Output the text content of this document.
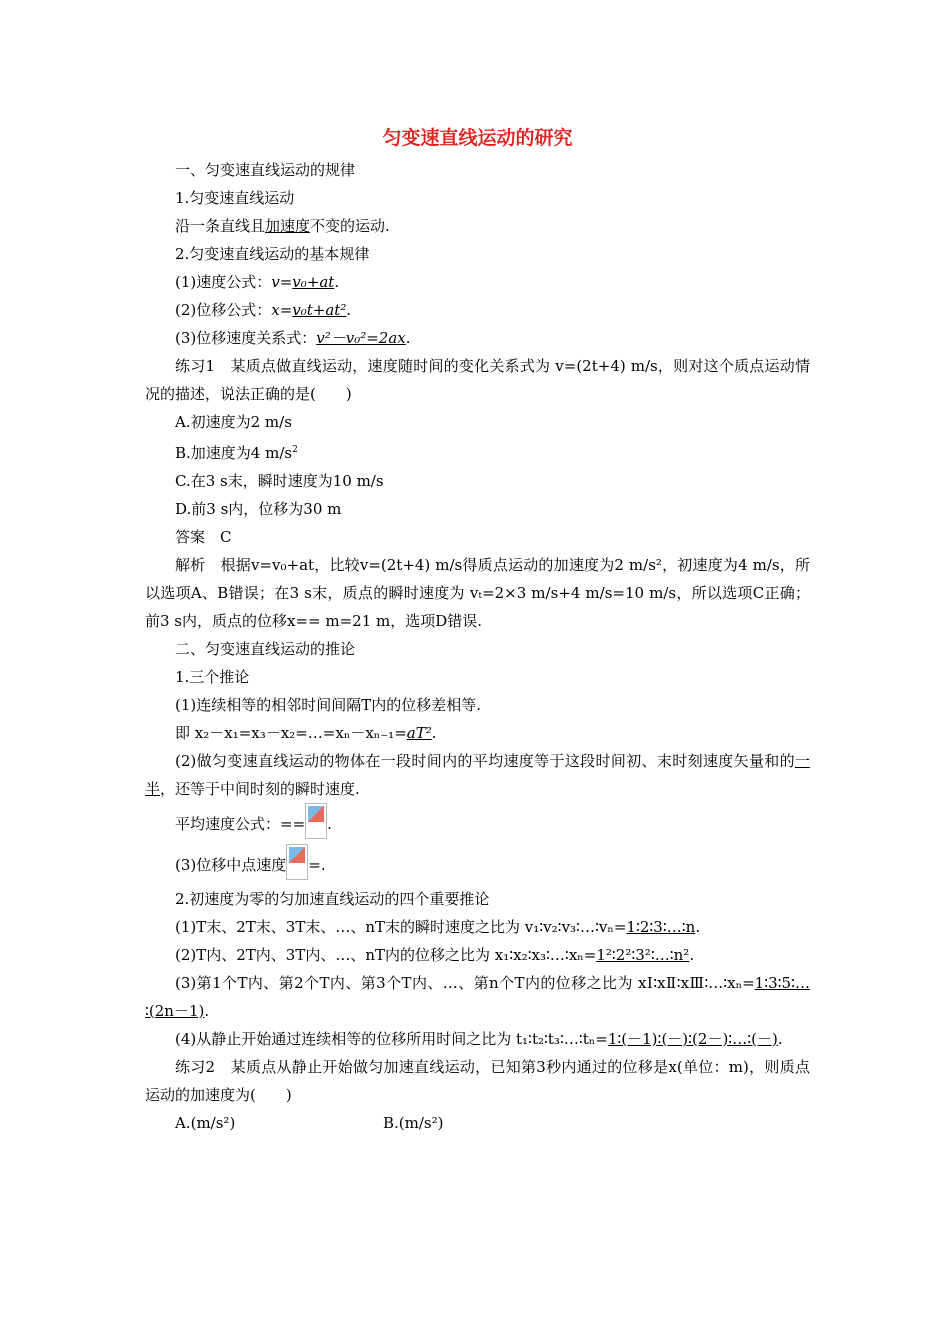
匀变速直线运动的研究
一、匀变速直线运动的规律
1.匀变速直线运动
沿一条直线且加速度不变的运动.
2.匀变速直线运动的基本规律
(1)速度公式：v=v₀+at.
(2)位移公式：x=v₀t+at².
(3)位移速度关系式：v²－v₀²=2ax.
练习1　某质点做直线运动，速度随时间的变化关系式为 v=(2t+4) m/s，则对这个质点运动情况的描述，说法正确的是(　　)
A.初速度为2 m/s
B.加速度为4 $m/s^2$
C.在3 s末，瞬时速度为10 m/s
D.前3 s内，位移为30 m
答案　C
解析　根据v=v₀+at，比较v=(2t+4) m/s得质点运动的加速度为2 m/s²，初速度为4 m/s，所以选项A、B错误；在3 s末，质点的瞬时速度为 vₜ=2×3 m/s+4 m/s=10 m/s，所以选项C正确；前3 s内，质点的位移x== m=21 m，选项D错误.
二、匀变速直线运动的推论
1.三个推论
(1)连续相等的相邻时间间隔T内的位移差相等.
即 x₂－x₁=x₃－x₂=…=xₙ－xₙ₋₁=aT².
(2)做匀变速直线运动的物体在一段时间内的平均速度等于这段时间初、末时刻速度矢量和的一半，还等于中间时刻的瞬时速度.
平均速度公式：== .
(3)位移中点速度 =.
2.初速度为零的匀加速直线运动的四个重要推论
(1)T末、2T末、3T末、…、nT末的瞬时速度之比为 v₁∶v₂∶v₃∶…∶vₙ=1∶2∶3∶…∶n.
(2)T内、2T内、3T内、…、nT内的位移之比为 x₁∶x₂∶x₃∶…∶xₙ=1²∶2²∶3²∶…∶n².
(3)第1个T内、第2个T内、第3个T内、…、第n个T内的位移之比为 xⅠ∶xⅡ∶xⅢ∶…∶xₙ=1∶3∶5∶…∶(2n－1).
(4)从静止开始通过连续相等的位移所用时间之比为 t₁∶t₂∶t₃∶…∶tₙ=1∶(－1)∶(－)∶(2－)∶…∶(－).
练习2　某质点从静止开始做匀加速直线运动，已知第3秒内通过的位移是x(单位：m)，则质点运动的加速度为(　　)
A.(m/s²)	B.(m/s²)
